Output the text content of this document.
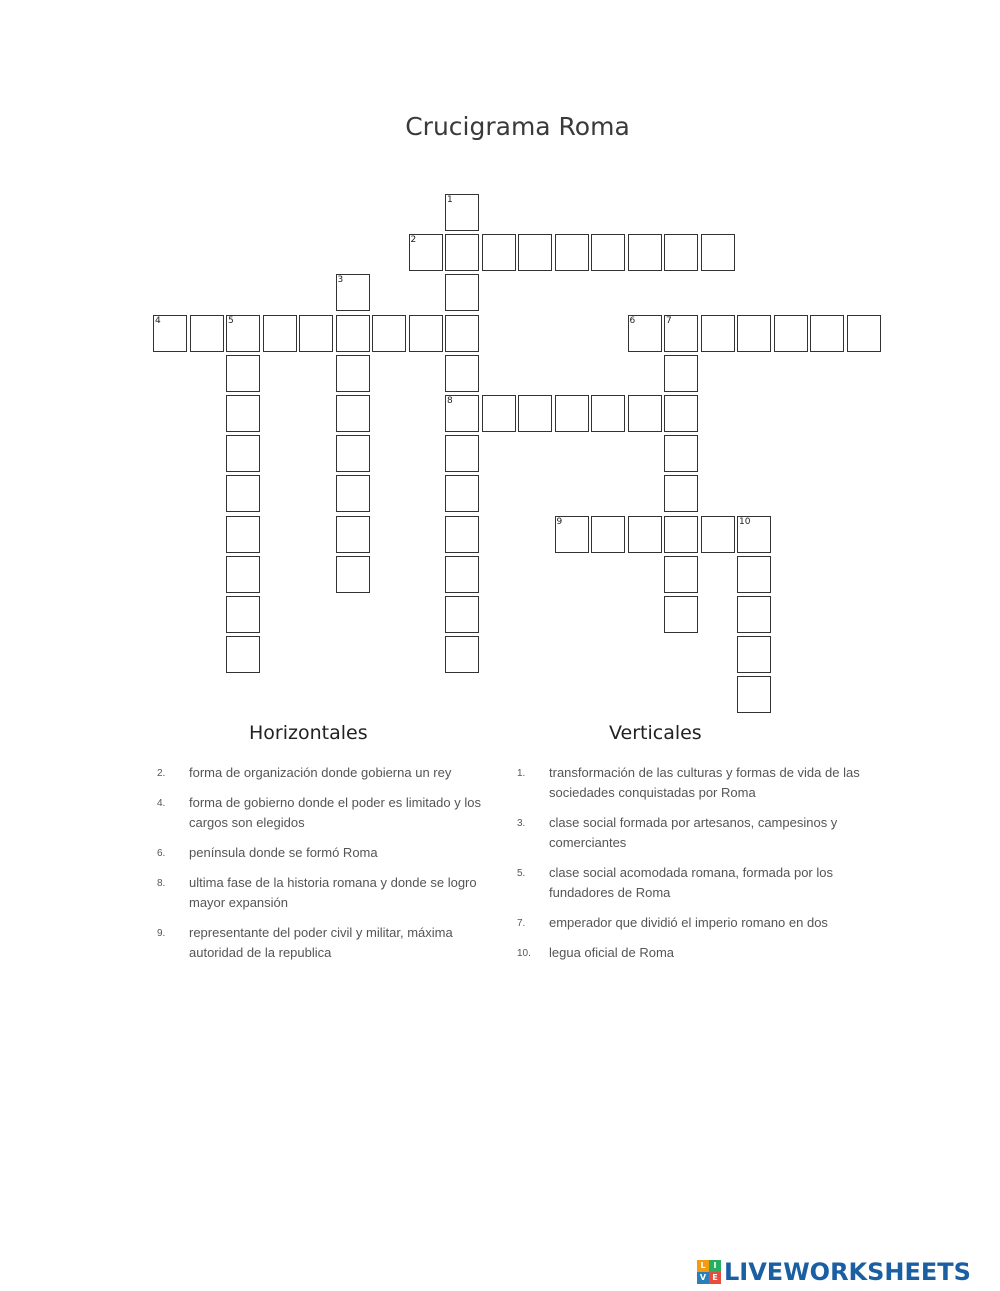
Crucigrama Roma
2
4	5	6	7
8
9	10
1
3
Horizontales	Verticales
2. forma de organización donde gobierna un rey
4. forma de gobierno donde el poder es limitado y los cargos son elegidos
6. península donde se formó Roma
8. ultima fase de la historia romana y donde se logro mayor expansión
9. representante del poder civil y militar, máxima autoridad de la republica
1. transformación de las culturas y formas de vida de las sociedades conquistadas por Roma
3. clase social formada por artesanos, campesinos y comerciantes
5. clase social acomodada romana, formada por los fundadores de Roma
7. emperador que dividió el imperio romano en dos
10. legua oficial de Roma
L I
V E LIVEWORKSHEETS
